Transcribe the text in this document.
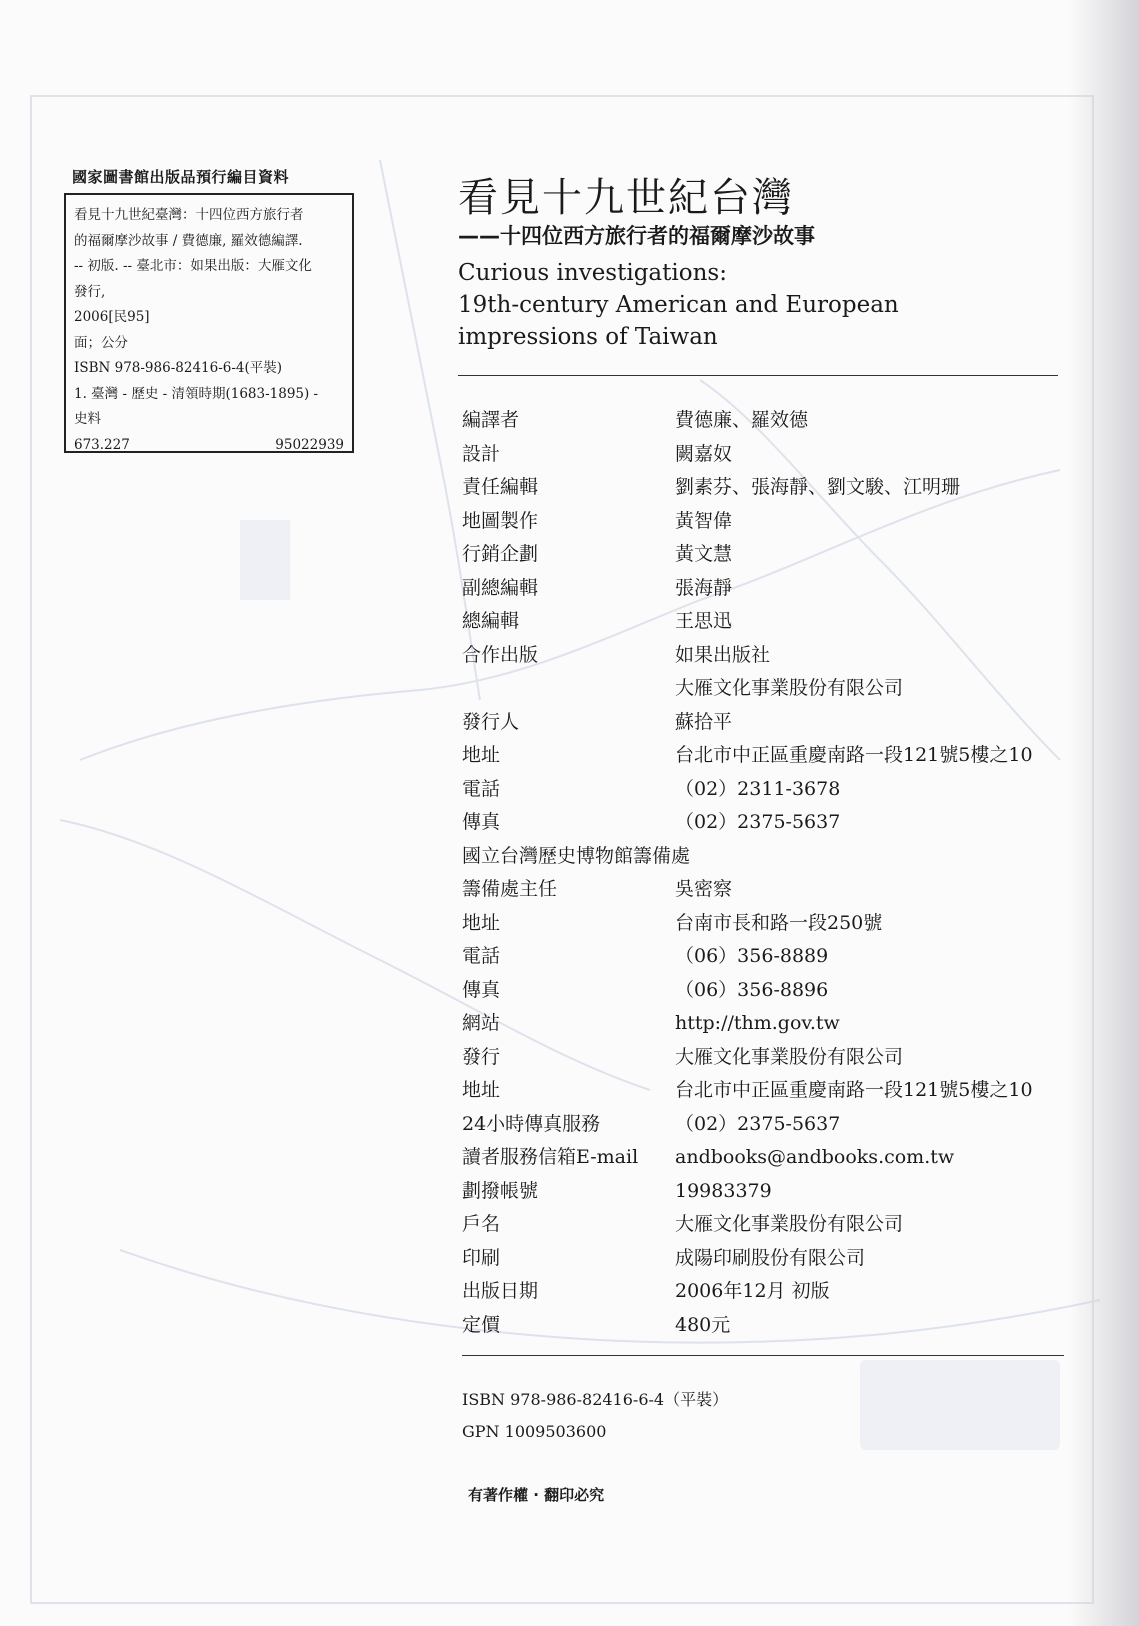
國家圖書館出版品預行編目資料
看見十九世紀臺灣：十四位西方旅行者
的福爾摩沙故事 / 費德廉, 羅效德編譯.
-- 初版. -- 臺北市：如果出版：大雁文化
發行,
2006[民95]
面；公分
ISBN 978-986-82416-6-4(平裝)
1. 臺灣 - 歷史 - 清領時期(1683-1895) -
史料
673.227	95022939
看見十九世紀台灣
——十四位西方旅行者的福爾摩沙故事
Curious investigations:
19th-century American and European
impressions of Taiwan
編譯者	費德廉、羅效德
設計	闕嘉奴
責任編輯	劉素芬、張海靜、劉文駿、江明珊
地圖製作	黃智偉
行銷企劃	黃文慧
副總編輯	張海靜
總編輯	王思迅
合作出版	如果出版社
大雁文化事業股份有限公司
發行人	蘇拾平
地址	台北市中正區重慶南路一段121號5樓之10
電話	（02）2311-3678
傳真	（02）2375-5637
國立台灣歷史博物館籌備處
籌備處主任	吳密察
地址	台南市長和路一段250號
電話	（06）356-8889
傳真	（06）356-8896
網站	http://thm.gov.tw
發行	大雁文化事業股份有限公司
地址	台北市中正區重慶南路一段121號5樓之10
24小時傳真服務	（02）2375-5637
讀者服務信箱E-mail andbooks@andbooks.com.tw
劃撥帳號	19983379
戶名	大雁文化事業股份有限公司
印刷	成陽印刷股份有限公司
出版日期	2006年12月 初版
定價	480元
ISBN 978-986-82416-6-4（平裝）
GPN 1009503600
有著作權 · 翻印必究
